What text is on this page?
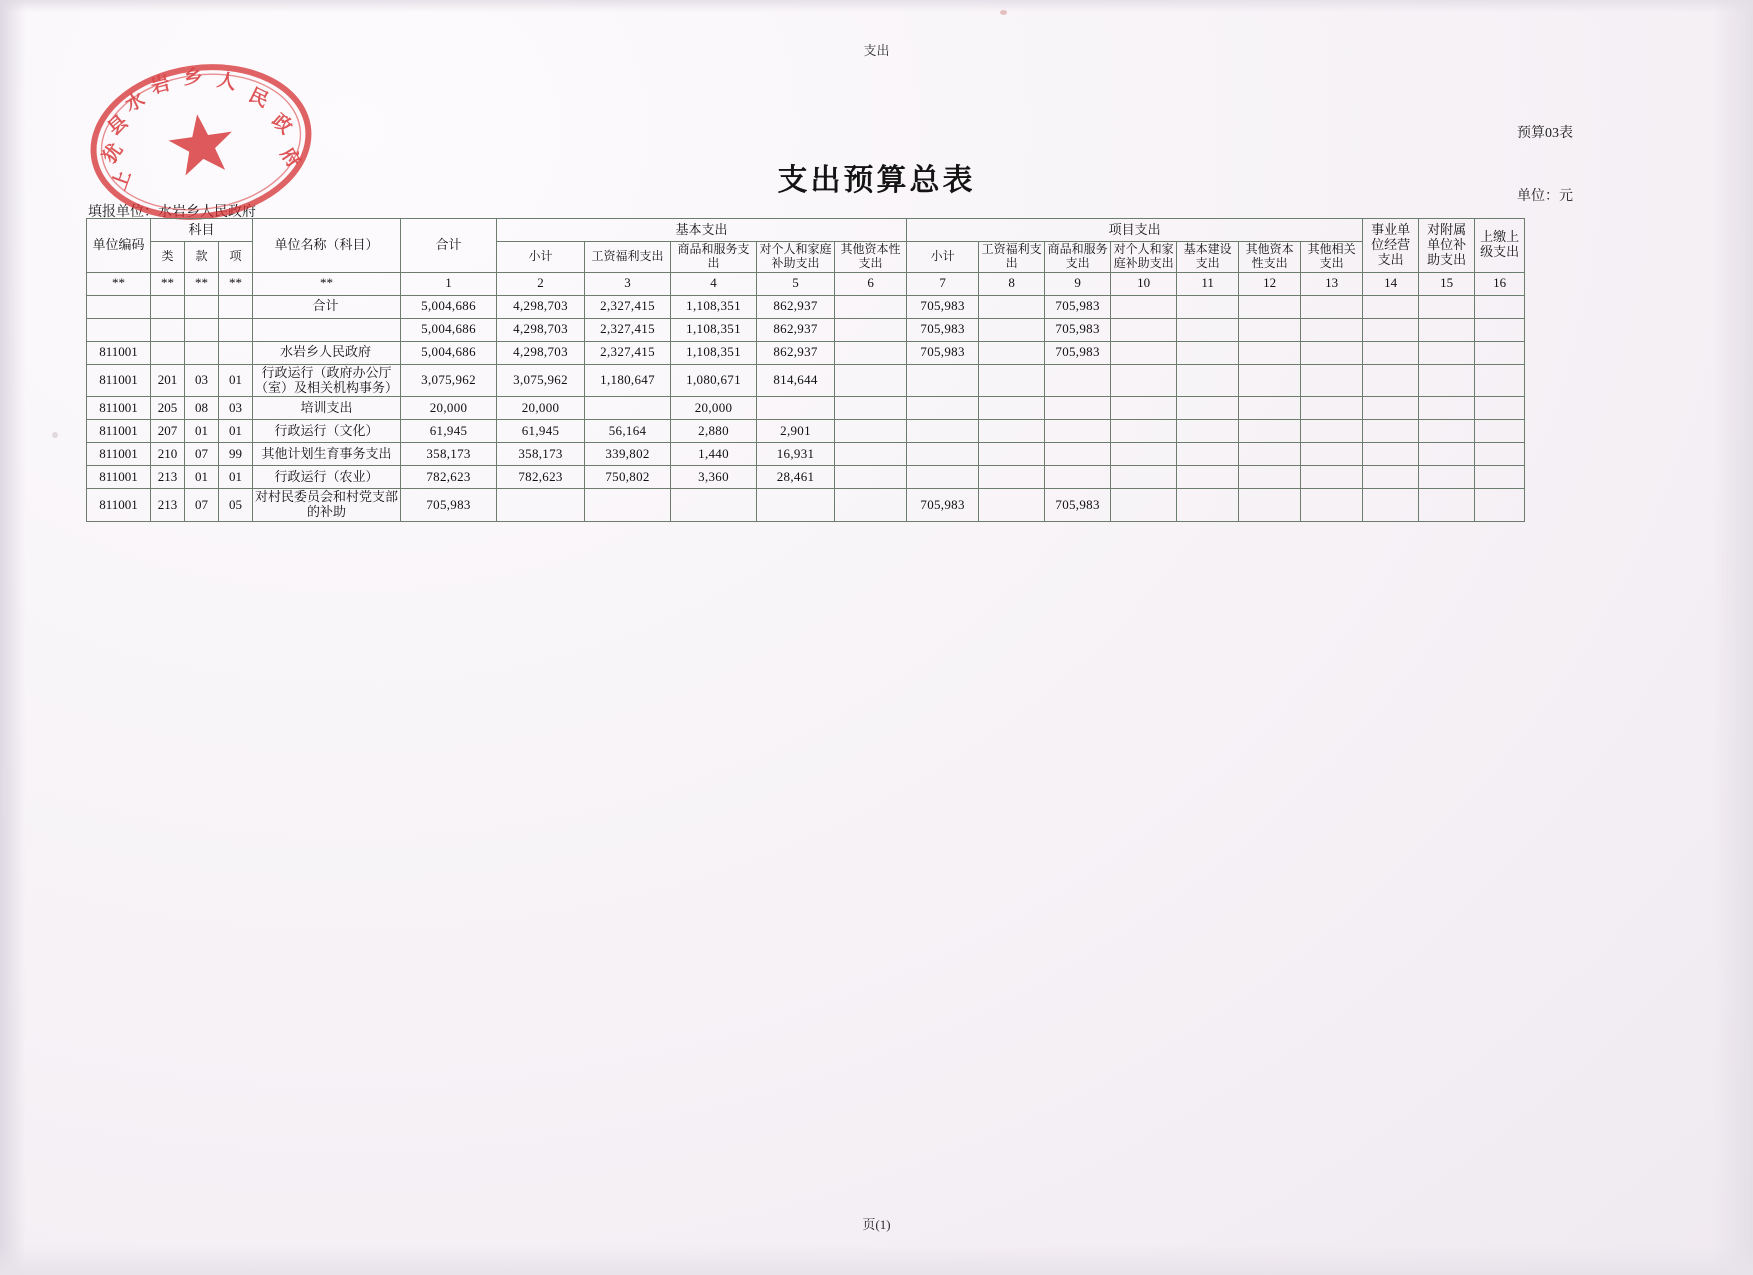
支出
预算03表
支出预算总表	单位：元
填报单位：水岩乡人民政府
上
犹
县
水
岩 乡 人
民
政
府
单位编码	科目			单位名称（科目）	合计	基本支出					项目支出							事业单位经营支出	对附属单位补助支出	上缴上级支出
	类	款	项			小计	工资福利支出	商品和服务支出	对个人和家庭补助支出	其他资本性支出	小计	工资福利支出	商品和服务支出	对个人和家庭补助支出	基本建设支出	其他资本性支出	其他相关支出			
**	**	**	**	**	1	2	3	4	5	6	7	8	9	10	11	12	13	14	15	16
				合计	5,004,686	4,298,703	2,327,415	1,108,351	862,937		705,983		705,983							
					5,004,686	4,298,703	2,327,415	1,108,351	862,937		705,983		705,983							
811001				水岩乡人民政府	5,004,686	4,298,703	2,327,415	1,108,351	862,937		705,983		705,983							
811001	201	03	01	行政运行（政府办公厅（室）及相关机构事务）	3,075,962	3,075,962	1,180,647	1,080,671	814,644											
811001	205	08	03	培训支出	20,000	20,000		20,000												
811001	207	01	01	行政运行（文化）	61,945	61,945	56,164	2,880	2,901											
811001	210	07	99	其他计划生育事务支出	358,173	358,173	339,802	1,440	16,931											
811001	213	01	01	行政运行（农业）	782,623	782,623	750,802	3,360	28,461											
811001	213	07	05	对村民委员会和村党支部的补助	705,983						705,983		705,983							
页(1)
